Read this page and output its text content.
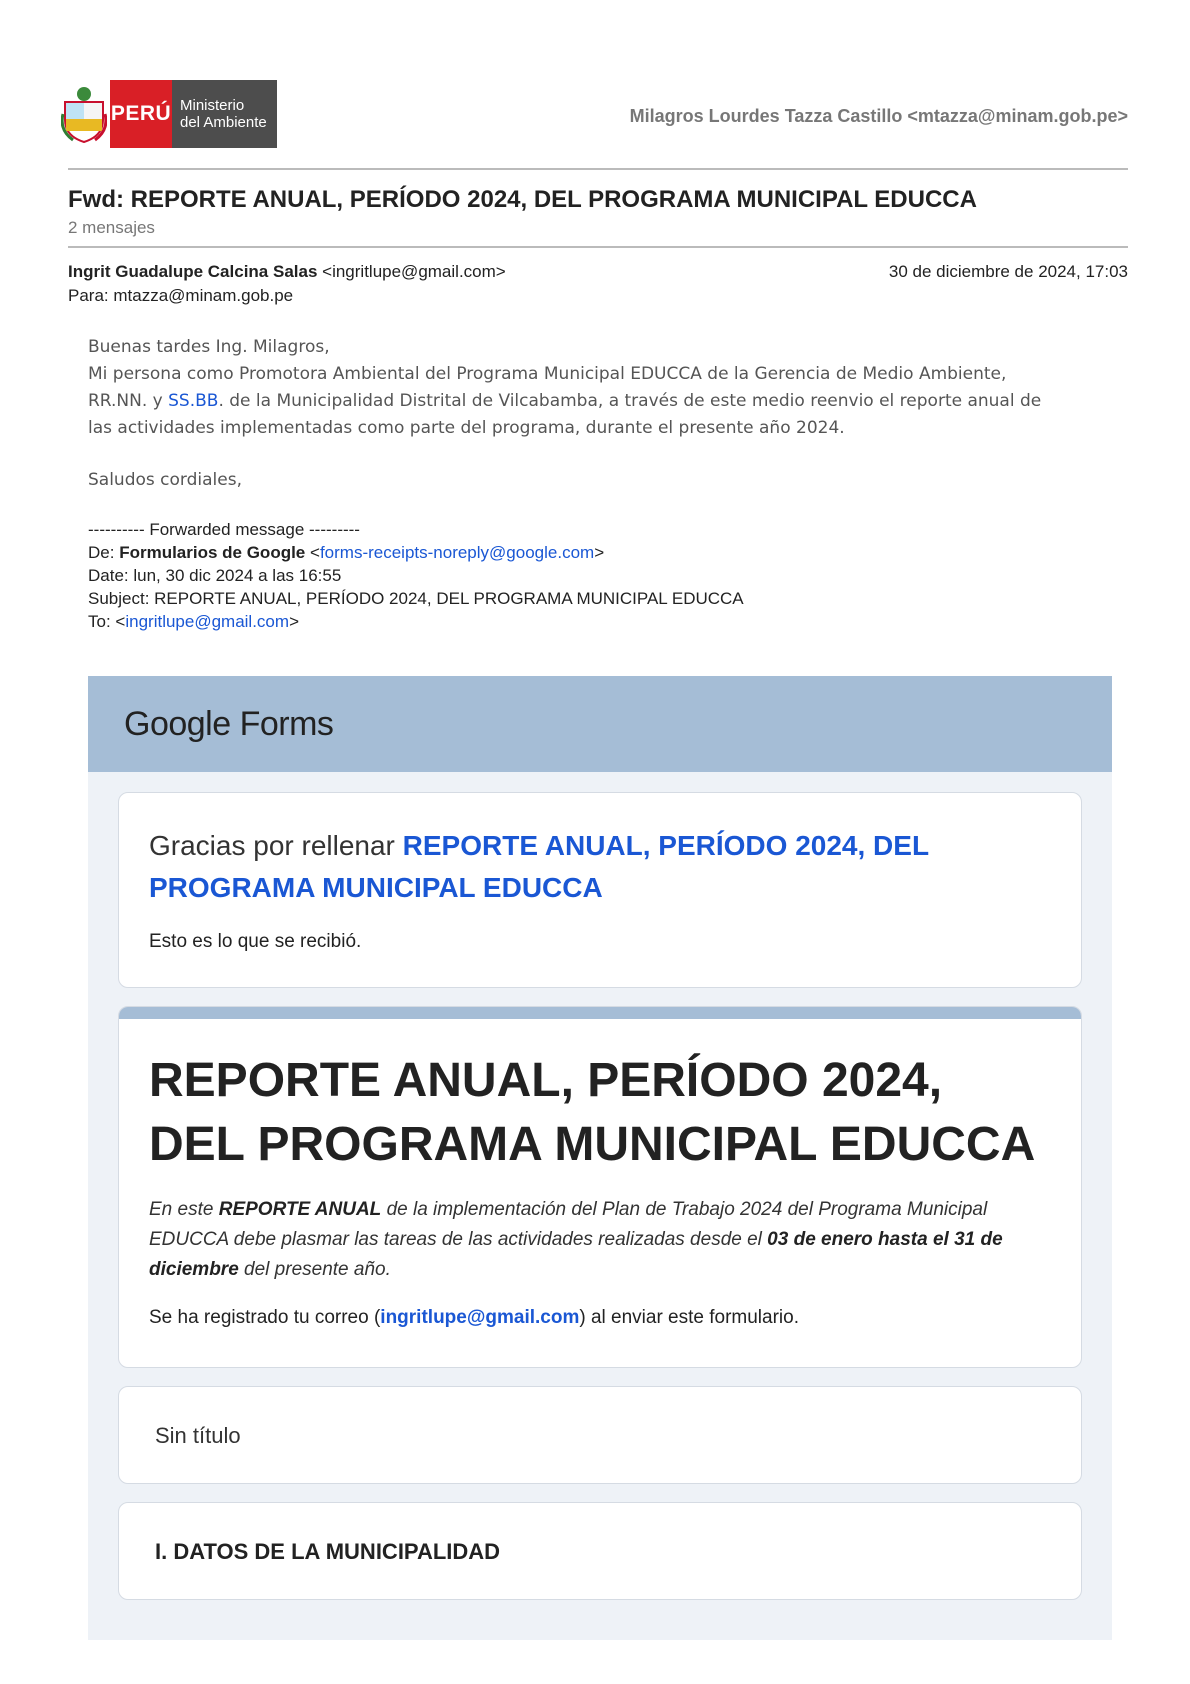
PERÚ Ministerio
del Ambiente	Milagros Lourdes Tazza Castillo <mtazza@minam.gob.pe>
Fwd: REPORTE ANUAL, PERÍODO 2024, DEL PROGRAMA MUNICIPAL EDUCCA
2 mensajes
Ingrit Guadalupe Calcina Salas <ingritlupe@gmail.com>	30 de diciembre de 2024, 17:03
Para: mtazza@minam.gob.pe
Buenas tardes Ing. Milagros,
Mi persona como Promotora Ambiental del Programa Municipal EDUCCA de la Gerencia de Medio Ambiente,
RR.NN. y SS.BB. de la Municipalidad Distrital de Vilcabamba, a través de este medio reenvio el reporte anual de
las actividades implementadas como parte del programa, durante el presente año 2024.
Saludos cordiales,
---------- Forwarded message ---------
De: Formularios de Google <forms-receipts-noreply@google.com>
Date: lun, 30 dic 2024 a las 16:55
Subject: REPORTE ANUAL, PERÍODO 2024, DEL PROGRAMA MUNICIPAL EDUCCA
To: <ingritlupe@gmail.com>
Google Forms
Gracias por rellenar REPORTE ANUAL, PERÍODO 2024, DEL PROGRAMA MUNICIPAL EDUCCA
Esto es lo que se recibió.
REPORTE ANUAL, PERÍODO 2024,
DEL PROGRAMA MUNICIPAL EDUCCA
En este REPORTE ANUAL de la implementación del Plan de Trabajo 2024 del Programa Municipal EDUCCA debe plasmar las tareas de las actividades realizadas desde el 03 de enero hasta el 31 de diciembre del presente año.
Se ha registrado tu correo (ingritlupe@gmail.com) al enviar este formulario.
Sin título
I. DATOS DE LA MUNICIPALIDAD
